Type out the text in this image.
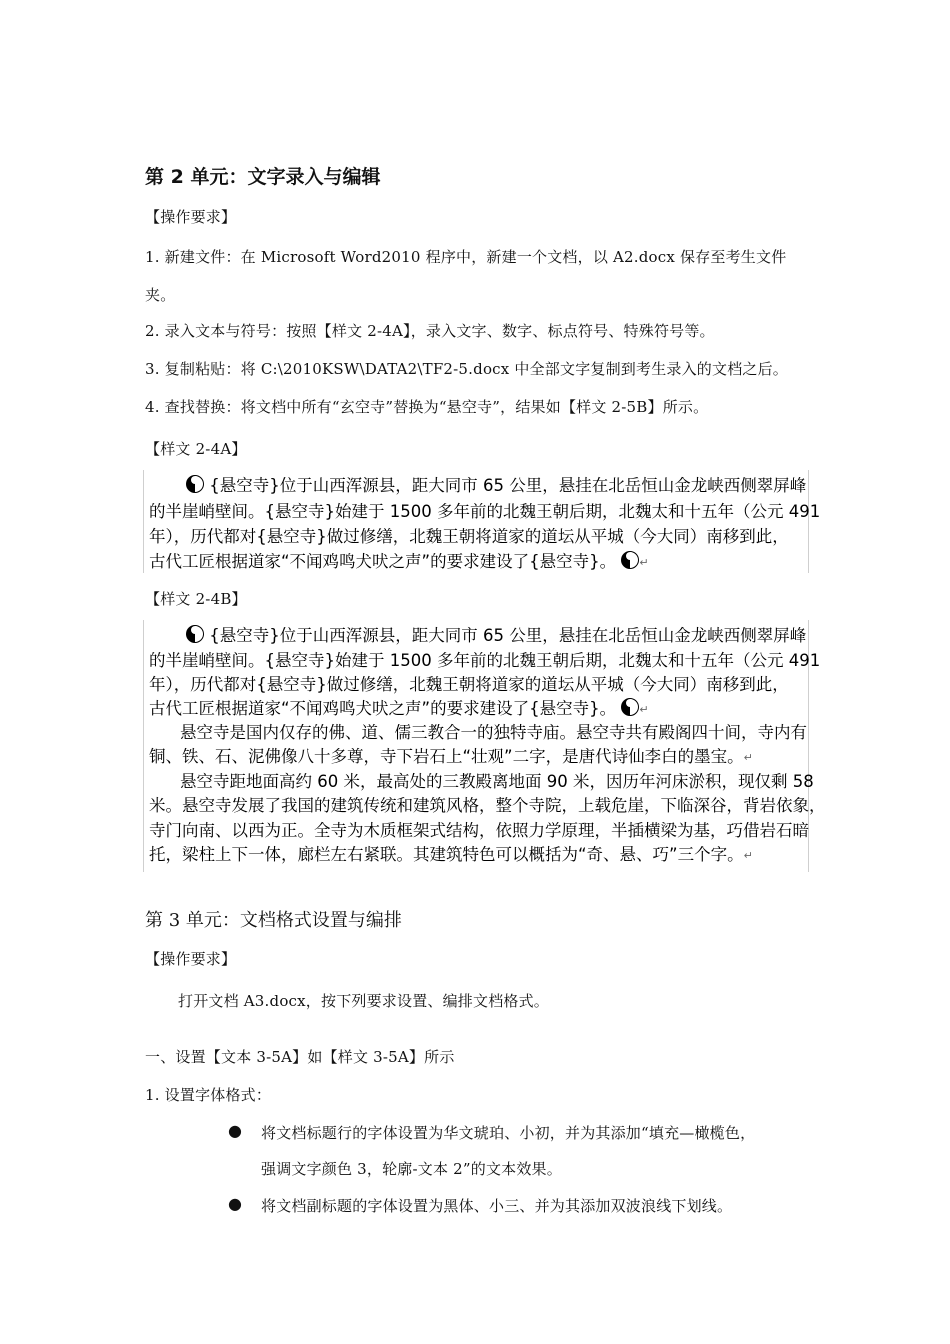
第 2 单元：文字录入与编辑
【操作要求】
1. 新建文件：在 Microsoft Word2010 程序中，新建一个文档，以 A2.docx 保存至考生文件
夹。
2. 录入文本与符号：按照【样文 2-4A】，录入文字、数字、标点符号、特殊符号等。
3. 复制粘贴：将 C:\2010KSW\DATA2\TF2-5.docx 中全部文字复制到考生录入的文档之后。
4. 查找替换：将文档中所有“玄空寺”替换为“悬空寺”，结果如【样文 2-5B】所示。
【样文 2-4A】
{悬空寺}位于山西浑源县，距大同市 65 公里，悬挂在北岳恒山金龙峡西侧翠屏峰
的半崖峭壁间。{悬空寺}始建于 1500 多年前的北魏王朝后期，北魏太和十五年（公元 491
年），历代都对{悬空寺}做过修缮，北魏王朝将道家的道坛从平城（今大同）南移到此，
古代工匠根据道家“不闻鸡鸣犬吠之声”的要求建设了{悬空寺}。 ↵
【样文 2-4B】
{悬空寺}位于山西浑源县，距大同市 65 公里，悬挂在北岳恒山金龙峡西侧翠屏峰
的半崖峭壁间。{悬空寺}始建于 1500 多年前的北魏王朝后期，北魏太和十五年（公元 491
年），历代都对{悬空寺}做过修缮，北魏王朝将道家的道坛从平城（今大同）南移到此，
古代工匠根据道家“不闻鸡鸣犬吠之声”的要求建设了{悬空寺}。 ↵
悬空寺是国内仅存的佛、道、儒三教合一的独特寺庙。悬空寺共有殿阁四十间，寺内有
铜、铁、石、泥佛像八十多尊，寺下岩石上“壮观”二字，是唐代诗仙李白的墨宝。↵
悬空寺距地面高约 60 米，最高处的三教殿离地面 90 米，因历年河床淤积，现仅剩 58
米。悬空寺发展了我国的建筑传统和建筑风格，整个寺院，上载危崖，下临深谷，背岩依象，
寺门向南、以西为正。全寺为木质框架式结构，依照力学原理，半插横梁为基，巧借岩石暗
托，梁柱上下一体，廊栏左右紧联。其建筑特色可以概括为“奇、悬、巧”三个字。↵
第 3 单元：文档格式设置与编排
【操作要求】
打开文档 A3.docx，按下列要求设置、编排文档格式。
一、设置【文本 3-5A】如【样文 3-5A】所示
1. 设置字体格式：
● 将文档标题行的字体设置为华文琥珀、小初，并为其添加“填充—橄榄色，
强调文字颜色 3，轮廓-文本 2”的文本效果。
● 将文档副标题的字体设置为黑体、小三、并为其添加双波浪线下划线。
